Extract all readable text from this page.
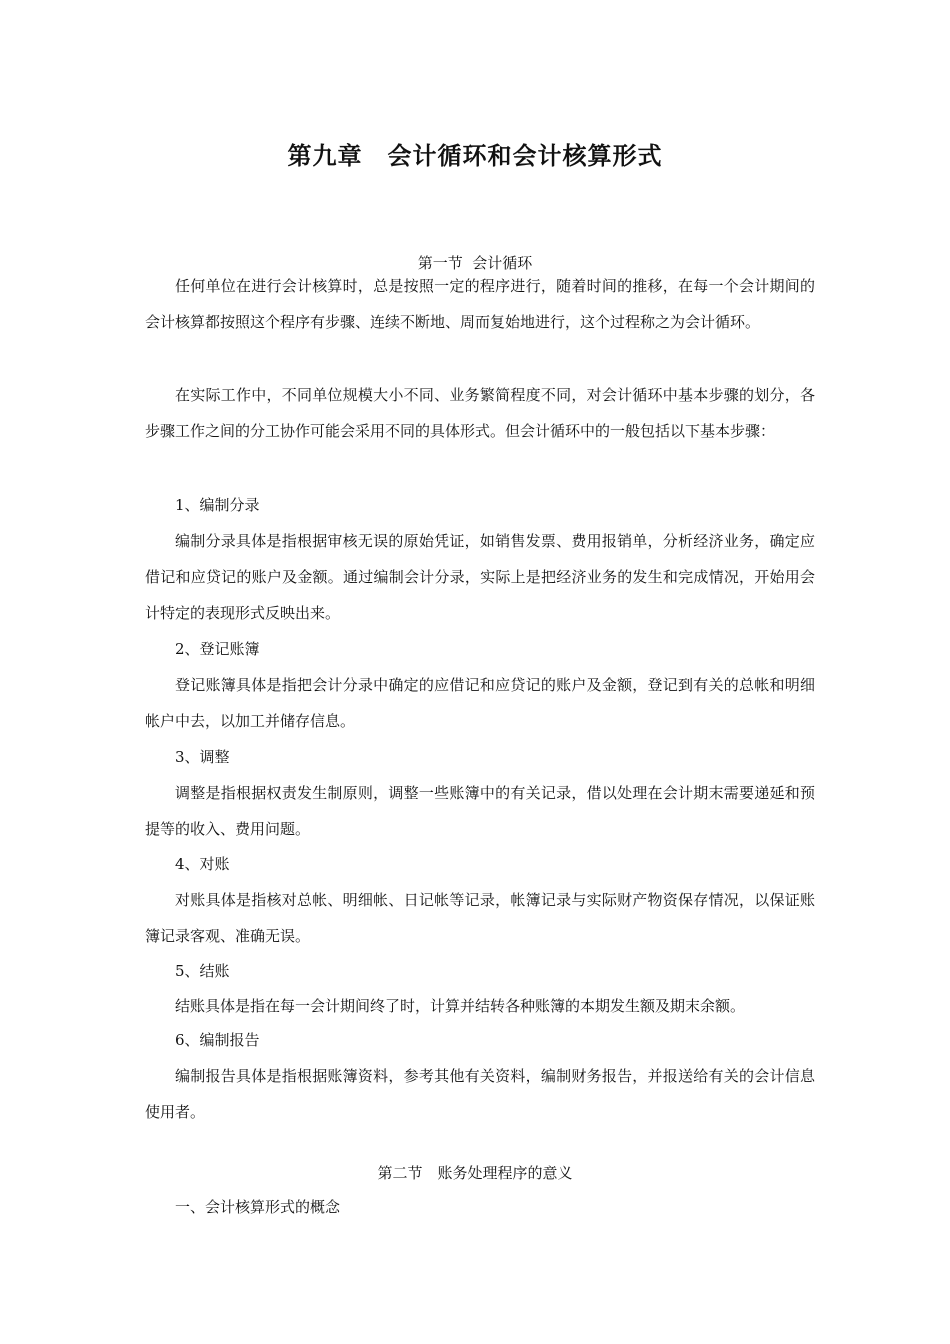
第九章　会计循环和会计核算形式
第一节  会计循环
任何单位在进行会计核算时，总是按照一定的程序进行，随着时间的推移，在每一个会计期间的会计核算都按照这个程序有步骤、连续不断地、周而复始地进行，这个过程称之为会计循环。
在实际工作中，不同单位规模大小不同、业务繁简程度不同，对会计循环中基本步骤的划分，各步骤工作之间的分工协作可能会采用不同的具体形式。但会计循环中的一般包括以下基本步骤：
1、编制分录
编制分录具体是指根据审核无误的原始凭证，如销售发票、费用报销单，分析经济业务，确定应借记和应贷记的账户及金额。通过编制会计分录，实际上是把经济业务的发生和完成情况，开始用会计特定的表现形式反映出来。
2、登记账簿
登记账簿具体是指把会计分录中确定的应借记和应贷记的账户及金额，登记到有关的总帐和明细帐户中去，以加工并储存信息。
3、调整
调整是指根据权责发生制原则，调整一些账簿中的有关记录，借以处理在会计期末需要递延和预提等的收入、费用问题。
4、对账
对账具体是指核对总帐、明细帐、日记帐等记录，帐簿记录与实际财产物资保存情况，以保证账簿记录客观、准确无误。
5、结账
结账具体是指在每一会计期间终了时，计算并结转各种账簿的本期发生额及期末余额。
6、编制报告
编制报告具体是指根据账簿资料，参考其他有关资料，编制财务报告，并报送给有关的会计信息使用者。
第二节　账务处理程序的意义
一、会计核算形式的概念
